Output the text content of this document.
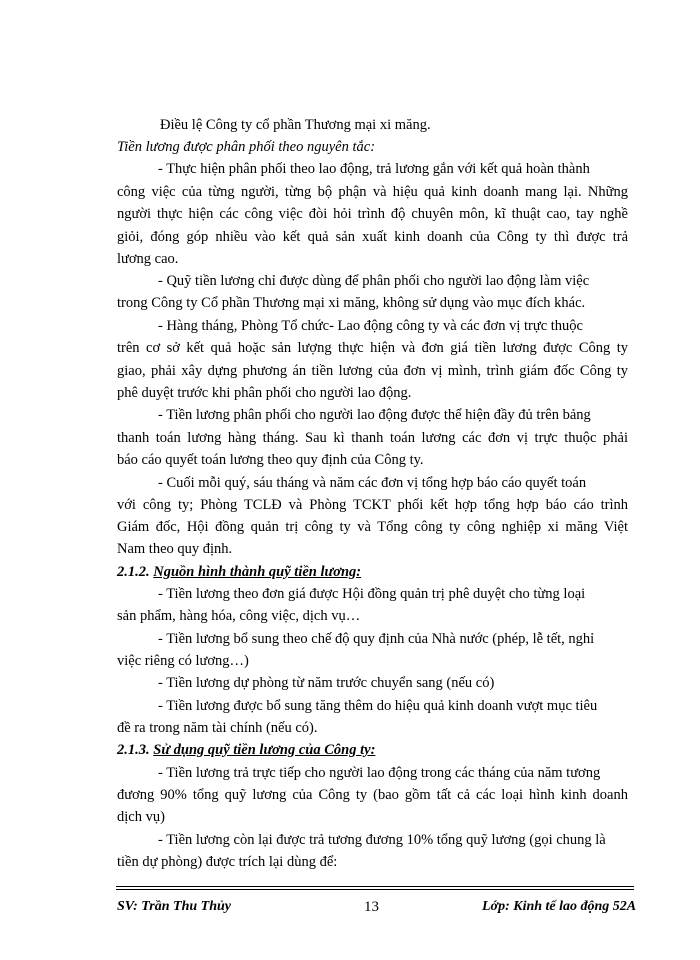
Điều lệ Công ty cổ phần Thương mại xi măng.
Tiền lương được phân phối theo nguyên tắc:
- Thực hiện phân phối theo lao động, trả lương gắn với kết quả hoàn thành
công việc của từng người, từng bộ phận và hiệu quả kinh doanh mang lại. Những
người thực hiện các công việc đòi hỏi trình độ chuyên môn, kĩ thuật cao, tay nghề
giỏi, đóng góp nhiều vào kết quả sản xuất kinh doanh của Công ty thì được trả
lương cao.
- Quỹ tiền lương chỉ được dùng để phân phối cho người lao động làm việc
trong Công ty Cổ phần Thương mại xi măng, không sử dụng vào mục đích khác.
- Hàng tháng, Phòng Tổ chức- Lao động công ty và các đơn vị trực thuộc
trên cơ sở kết quả hoặc sản lượng thực hiện và đơn giá tiền lương được Công ty
giao, phải xây dựng phương án tiền lương của đơn vị mình, trình giám đốc Công ty
phê duyệt trước khi phân phối cho người lao động.
- Tiền lương phân phối cho người lao động được thể hiện đầy đủ trên bảng
thanh toán lương hàng tháng. Sau kì thanh toán lương các đơn vị trực thuộc phải
báo cáo quyết toán lương theo quy định của Công ty.
- Cuối mỗi quý, sáu tháng và năm các đơn vị tổng hợp báo cáo quyết toán
với công ty; Phòng TCLĐ và Phòng TCKT phối kết hợp tổng hợp báo cáo trình
Giám đốc, Hội đồng quản trị công ty và Tổng công ty công nghiệp xi măng Việt
Nam theo quy định.
2.1.2. Nguồn hình thành quỹ tiền lương:
- Tiền lương theo đơn giá được Hội đồng quản trị phê duyệt cho từng loại
sản phẩm, hàng hóa, công việc, dịch vụ…
- Tiền lương bổ sung theo chế độ quy định của Nhà nước (phép, lễ tết, nghỉ
việc riêng có lương…)
- Tiền lương dự phòng từ năm trước chuyển sang (nếu có)
- Tiền lương được bổ sung tăng thêm do hiệu quả kinh doanh vượt mục tiêu
đề ra trong năm tài chính (nếu có).
2.1.3. Sử dụng quỹ tiền lương của Công ty:
- Tiền lương trả trực tiếp cho người lao động trong các tháng của năm tương
đương 90% tổng quỹ lương của Công ty (bao gồm tất cả các loại hình kinh doanh
dịch vụ)
- Tiền lương còn lại được trả tương đương 10% tổng quỹ lương (gọi chung là
tiền dự phòng) được trích lại dùng để:
SV: Trần Thu Thủy	13	Lớp: Kinh tế lao động 52A
